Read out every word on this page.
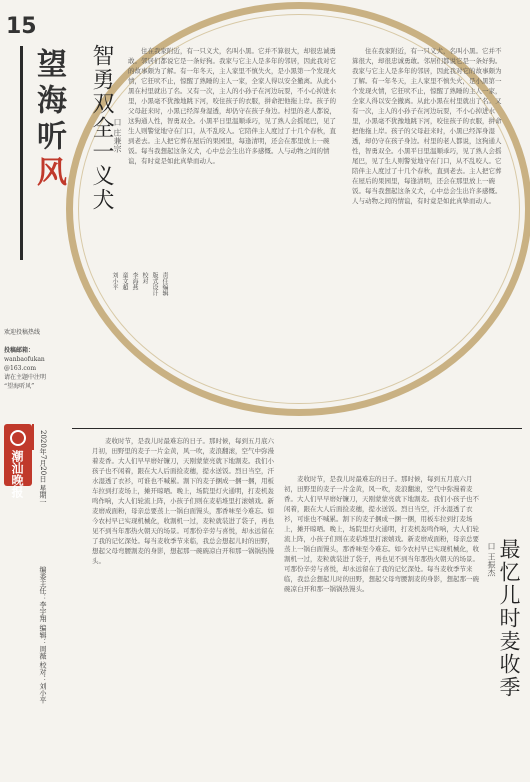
15
望海听风
责任编辑
版式设计
校对
李海燕
童文超
刘小平
欢迎投稿热线
投稿邮箱：
wanbaofukan
@163.com
请在主题中注明
“望海听风”
潮汕晚报 2020年7月20日 星期一
编委主任：李宇翔 编辑：周薇 校对：刘小平
智勇双全一义犬 口 庄兼宗
住在我家附近，有一只义犬，名叫小黑。它并不算很大，却很忠诚勇敢。邻居们都说它是一条好狗。我家与它主人是多年的邻居，因此我对它的故事颇为了解。有一年冬天，主人家里不慎失火，是小黑第一个发现火情，它狂吠不止，惊醒了熟睡的主人一家，全家人得以安全撤离。从此小黑在村里就出了名。又有一次，主人的小孙子在河边玩耍，不小心掉进水里，小黑毫不犹豫地跳下河，咬住孩子的衣服，拼命把他拖上岸。孩子的父母赶来时，小黑已经浑身湿透，却仍守在孩子身边。村里的老人都说，这狗通人性，智勇双全。小黑平日里温顺乖巧，见了熟人会摇尾巴，见了生人则警觉地守在门口，从不乱咬人。它陪伴主人度过了十几个春秋，直到老去。主人把它葬在屋后的果园里，每逢清明，还会在那里放上一碗饭。每当我想起这条义犬，心中总会生出许多感慨。人与动物之间的情谊，有时竟是如此真挚而动人。
住在我家附近，有一只义犬，名叫小黑。它并不算很大，却很忠诚勇敢。邻居们都说它是一条好狗。我家与它主人是多年的邻居，因此我对它的故事颇为了解。有一年冬天，主人家里不慎失火，是小黑第一个发现火情，它狂吠不止，惊醒了熟睡的主人一家，全家人得以安全撤离。从此小黑在村里就出了名。又有一次，主人的小孙子在河边玩耍，不小心掉进水里，小黑毫不犹豫地跳下河，咬住孩子的衣服，拼命把他拖上岸。孩子的父母赶来时，小黑已经浑身湿透，却仍守在孩子身边。村里的老人都说，这狗通人性，智勇双全。小黑平日里温顺乖巧，见了熟人会摇尾巴，见了生人则警觉地守在门口，从不乱咬人。它陪伴主人度过了十几个春秋，直到老去。主人把它葬在屋后的果园里，每逢清明，还会在那里放上一碗饭。每当我想起这条义犬，心中总会生出许多感慨。人与动物之间的情谊，有时竟是如此真挚而动人。
麦收时节，是我儿时最难忘的日子。那时候，每到五月底六月初，田野里的麦子一片金黄，风一吹，麦浪翻滚，空气中弥漫着麦香。大人们早早磨好镰刀，天刚蒙蒙亮就下地割麦。我们小孩子也不闲着，跟在大人后面捡麦穗，提水送饭。烈日当空，汗水湿透了衣衫，可谁也不喊累。割下的麦子捆成一捆一捆，用板车拉到打麦场上，摊开晾晒。晚上，场院里灯火通明，打麦机轰鸣作响，大人们轮流上阵，小孩子们则在麦秸堆里打滚嬉戏。新麦磨成面粉，母亲总要蒸上一锅白面馒头，那香味至今难忘。如今农村早已实现机械化，收割机一过，麦粒就装进了袋子，再也见不到当年那热火朝天的场景。可那份辛劳与喜悦，却永远留在了我的记忆深处。每当麦收季节来临，我总会想起儿时的田野，想起父母弯腰割麦的身影，想起那一碗碗凉白开和那一锅锅热馒头。
麦收时节，是我儿时最难忘的日子。那时候，每到五月底六月初，田野里的麦子一片金黄，风一吹，麦浪翻滚，空气中弥漫着麦香。大人们早早磨好镰刀，天刚蒙蒙亮就下地割麦。我们小孩子也不闲着，跟在大人后面捡麦穗，提水送饭。烈日当空，汗水湿透了衣衫，可谁也不喊累。割下的麦子捆成一捆一捆，用板车拉到打麦场上，摊开晾晒。晚上，场院里灯火通明，打麦机轰鸣作响，大人们轮流上阵，小孩子们则在麦秸堆里打滚嬉戏。新麦磨成面粉，母亲总要蒸上一锅白面馒头，那香味至今难忘。如今农村早已实现机械化，收割机一过，麦粒就装进了袋子，再也见不到当年那热火朝天的场景。可那份辛劳与喜悦，却永远留在了我的记忆深处。每当麦收季节来临，我总会想起儿时的田野，想起父母弯腰割麦的身影，想起那一碗碗凉白开和那一锅锅热馒头。	最忆儿时麦收季
口 王振杰
